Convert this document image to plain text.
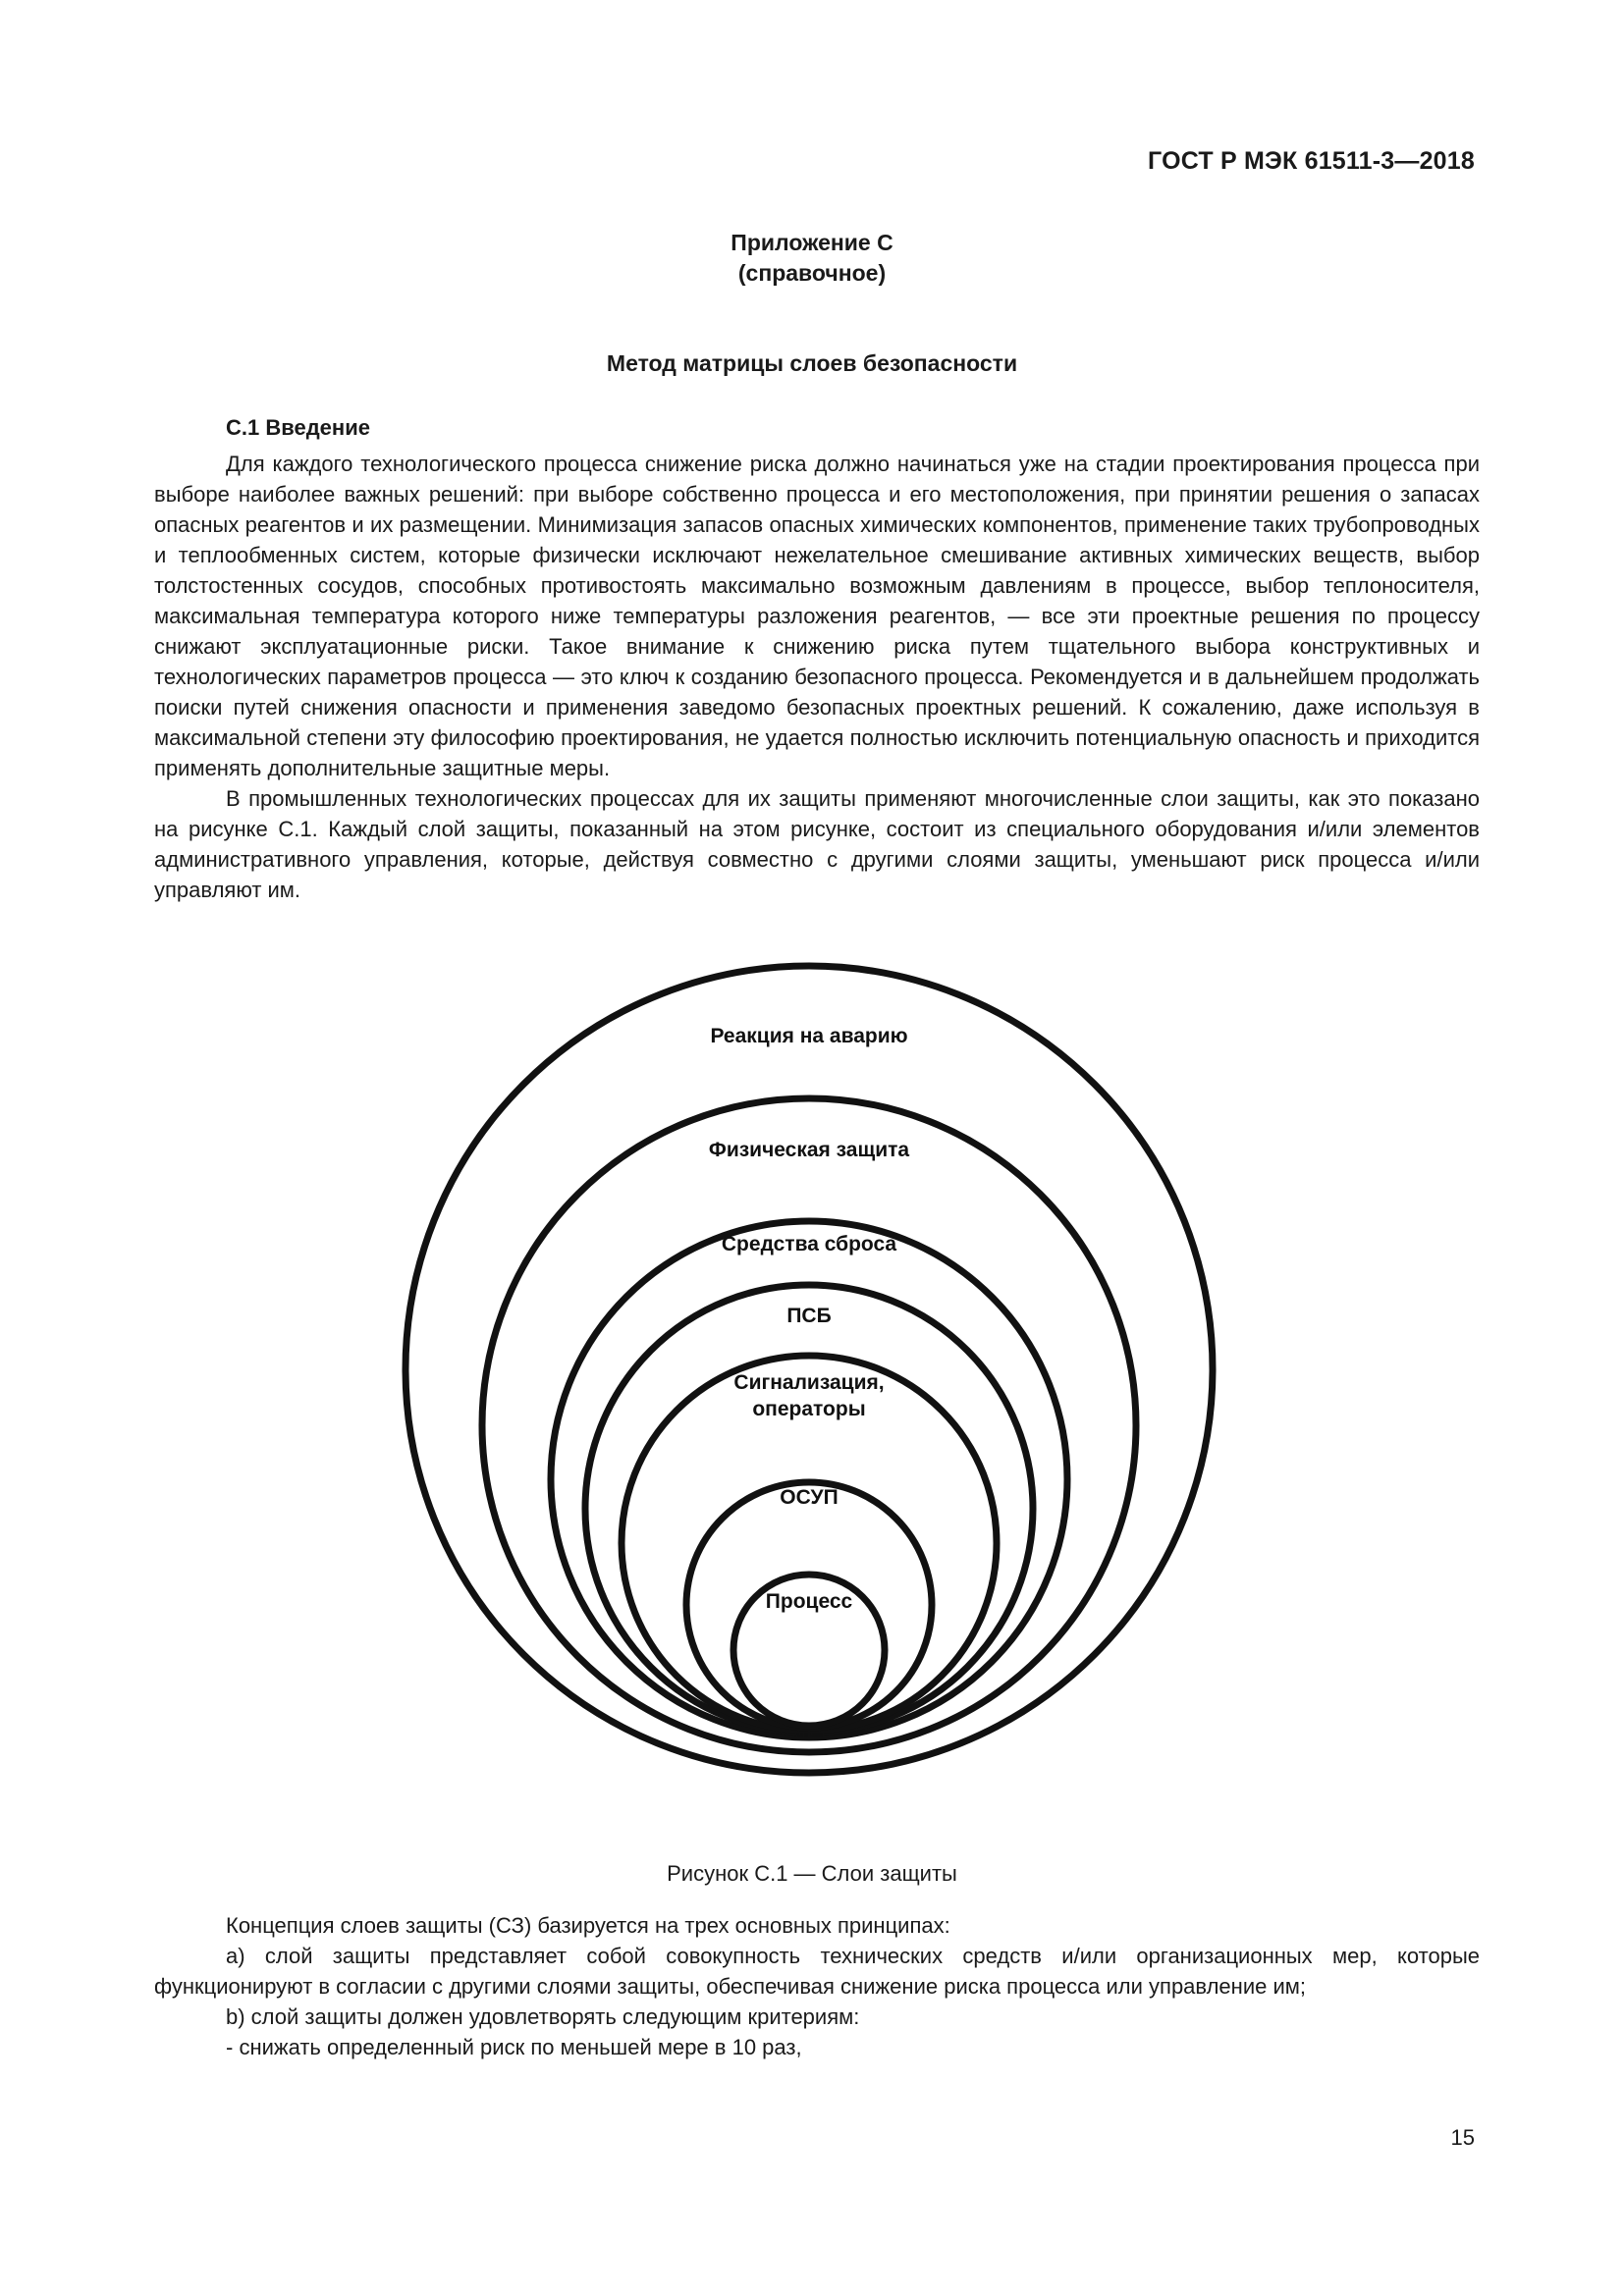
ГОСТ Р МЭК 61511-3—2018
Приложение С
(справочное)
Метод матрицы слоев безопасности
С.1 Введение

Для каждого технологического процесса снижение риска должно начинаться уже на стадии проектирования процесса при выборе наиболее важных решений: при выборе собственно процесса и его местоположения, при принятии решения о запасах опасных реагентов и их размещении. Минимизация запасов опасных химических компонентов, применение таких трубопроводных и теплообменных систем, которые физически исключают нежелательное смешивание активных химических веществ, выбор толстостенных сосудов, способных противостоять максимально возможным давлениям в процессе, выбор теплоносителя, максимальная температура которого ниже температуры разложения реагентов, — все эти проектные решения по процессу снижают эксплуатационные риски. Такое внимание к снижению риска путем тщательного выбора конструктивных и технологических параметров процесса — это ключ к созданию безопасного процесса. Рекомендуется и в дальнейшем продолжать поиски путей снижения опасности и применения заведомо безопасных проектных решений. К сожалению, даже используя в максимальной степени эту философию проектирования, не удается полностью исключить потенциальную опасность и приходится применять дополнительные защитные меры.

В промышленных технологических процессах для их защиты применяют многочисленные слои защиты, как это показано на рисунке С.1. Каждый слой защиты, показанный на этом рисунке, состоит из специального оборудования и/или элементов административного управления, которые, действуя совместно с другими слоями защиты, уменьшают риск процесса и/или управляют им.

Реакция на аварию
Физическая защита
Средства сброса
ПСБ
Сигнализация,
операторы
ОСУП
Процесс
Рисунок С.1 — Слои защиты

Концепция слоев защиты (СЗ) базируется на трех основных принципах:

a) слой защиты представляет собой совокупность технических средств и/или организационных мер, которые функционируют в согласии с другими слоями защиты, обеспечивая снижение риска процесса или управление им;

b) слой защиты должен удовлетворять следующим критериям:

- снижать определенный риск по меньшей мере в 10 раз,

15
